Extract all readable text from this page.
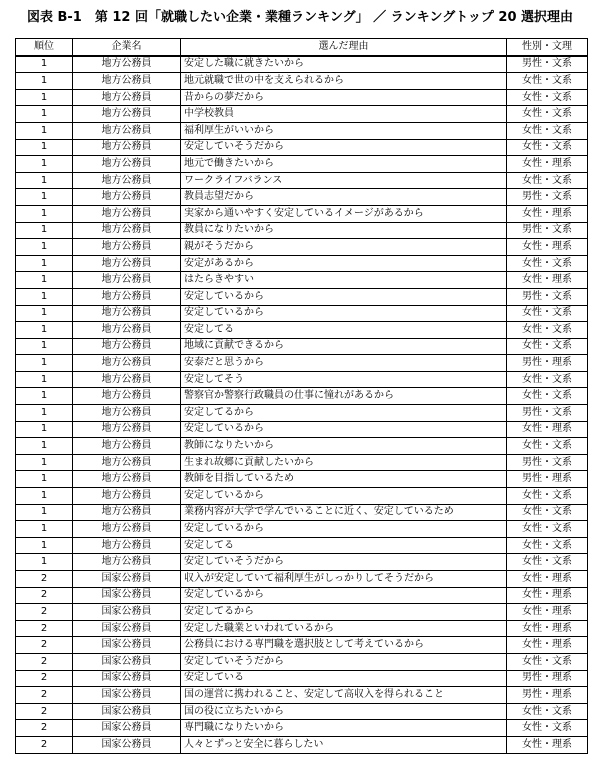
図表 B-1　第 12 回「就職したい企業・業種ランキング」 ／ ランキングトップ 20 選択理由
順位	企業名	選んだ理由	性別・文理
1	地方公務員	安定した職に就きたいから	男性・文系
1	地方公務員	地元就職で世の中を支えられるから	女性・文系
1	地方公務員	昔からの夢だから	女性・文系
1	地方公務員	中学校教員	女性・文系
1	地方公務員	福利厚生がいいから	女性・文系
1	地方公務員	安定していそうだから	女性・文系
1	地方公務員	地元で働きたいから	女性・理系
1	地方公務員	ワークライフバランス	女性・文系
1	地方公務員	教員志望だから	男性・文系
1	地方公務員	実家から通いやすく安定しているイメージがあるから	女性・理系
1	地方公務員	教員になりたいから	男性・文系
1	地方公務員	親がそうだから	女性・理系
1	地方公務員	安定があるから	女性・文系
1	地方公務員	はたらきやすい	女性・理系
1	地方公務員	安定しているから	男性・文系
1	地方公務員	安定しているから	女性・文系
1	地方公務員	安定してる	女性・文系
1	地方公務員	地域に貢献できるから	女性・文系
1	地方公務員	安泰だと思うから	男性・理系
1	地方公務員	安定してそう	女性・文系
1	地方公務員	警察官か警察行政職員の仕事に憧れがあるから	女性・文系
1	地方公務員	安定してるから	男性・文系
1	地方公務員	安定しているから	女性・理系
1	地方公務員	教師になりたいから	女性・文系
1	地方公務員	生まれ故郷に貢献したいから	男性・文系
1	地方公務員	教師を目指しているため	男性・理系
1	地方公務員	安定しているから	女性・文系
1	地方公務員	業務内容が大学で学んでいることに近く、安定しているため	女性・文系
1	地方公務員	安定しているから	女性・文系
1	地方公務員	安定してる	女性・文系
1	地方公務員	安定していそうだから	女性・文系
2	国家公務員	収入が安定していて福利厚生がしっかりしてそうだから	女性・理系
2	国家公務員	安定しているから	女性・理系
2	国家公務員	安定してるから	女性・理系
2	国家公務員	安定した職業といわれているから	女性・理系
2	国家公務員	公務員における専門職を選択肢として考えているから	女性・理系
2	国家公務員	安定していそうだから	女性・文系
2	国家公務員	安定している	男性・理系
2	国家公務員	国の運営に携われること、安定して高収入を得られること	男性・理系
2	国家公務員	国の役に立ちたいから	女性・文系
2	国家公務員	専門職になりたいから	女性・文系
2	国家公務員	人々とずっと安全に暮らしたい	女性・理系
